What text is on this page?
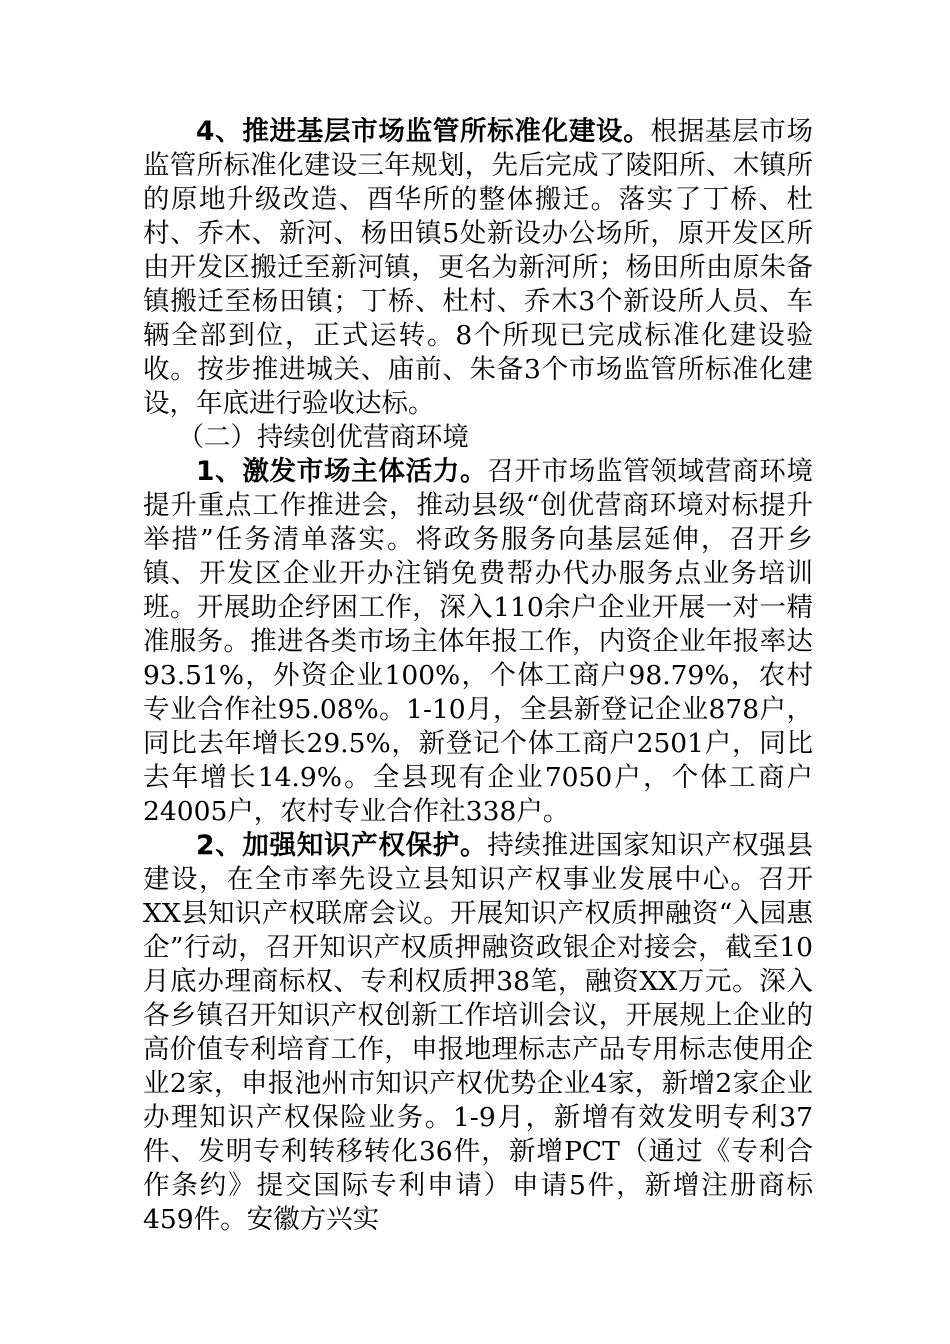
4、推进基层市场监管所标准化建设。根据基层市场监管所标准化建设三年规划，先后完成了陵阳所、木镇所的原地升级改造、酉华所的整体搬迁。落实了丁桥、杜村、乔木、新河、杨田镇5处新设办公场所，原开发区所由开发区搬迁至新河镇，更名为新河所；杨田所由原朱备镇搬迁至杨田镇；丁桥、杜村、乔木3个新设所人员、车辆全部到位，正式运转。8个所现已完成标准化建设验收。按步推进城关、庙前、朱备3个市场监管所标准化建设，年底进行验收达标。

（二）持续创优营商环境

1、激发市场主体活力。召开市场监管领域营商环境提升重点工作推进会，推动县级“创优营商环境对标提升举措”任务清单落实。将政务服务向基层延伸，召开乡镇、开发区企业开办注销免费帮办代办服务点业务培训班。开展助企纾困工作，深入110余户企业开展一对一精准服务。推进各类市场主体年报工作，内资企业年报率达93.51%，外资企业100%，个体工商户98.79%，农村专业合作社95.08%。1-10月，全县新登记企业878户，同比去年增长29.5%，新登记个体工商户2501户，同比去年增长14.9%。全县现有企业7050户，个体工商户24005户，农村专业合作社338户。

2、加强知识产权保护。持续推进国家知识产权强县建设，在全市率先设立县知识产权事业发展中心。召开XX县知识产权联席会议。开展知识产权质押融资“入园惠企”行动，召开知识产权质押融资政银企对接会，截至10月底办理商标权、专利权质押38笔，融资XX万元。深入各乡镇召开知识产权创新工作培训会议，开展规上企业的高价值专利培育工作，申报地理标志产品专用标志使用企业2家，申报池州市知识产权优势企业4家，新增2家企业办理知识产权保险业务。1-9月，新增有效发明专利37件、发明专利转移转化36件，新增PCT（通过《专利合作条约》提交国际专利申请）申请5件，新增注册商标459件。安徽方兴实
